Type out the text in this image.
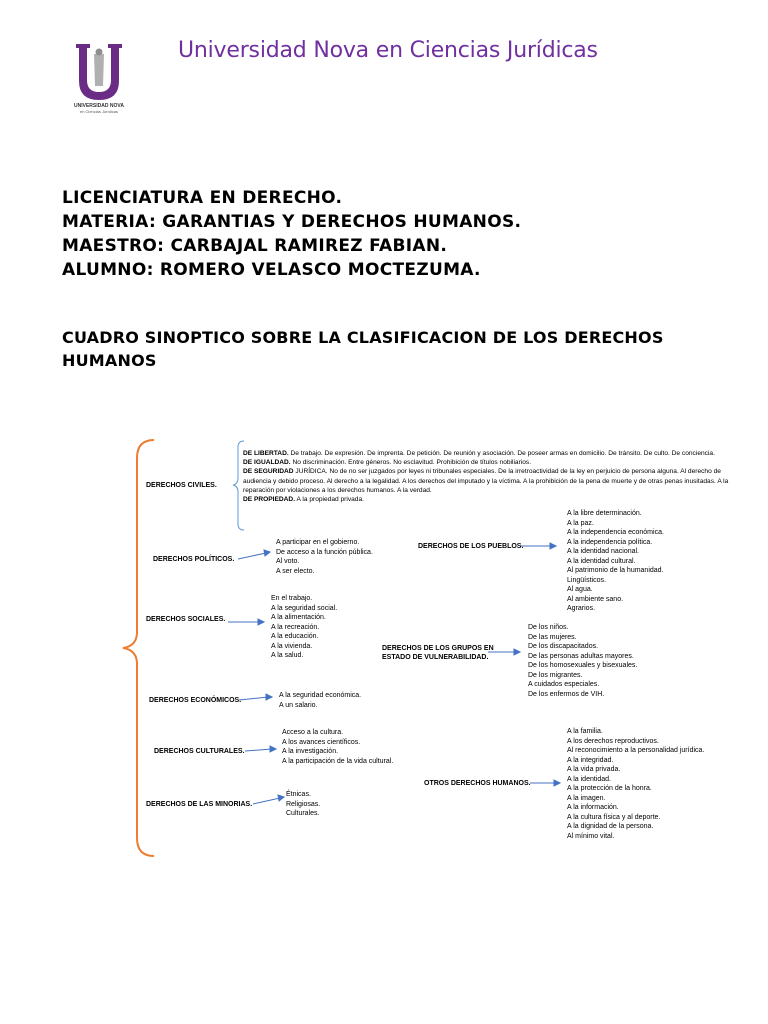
UNIVERSIDAD NOVA
en Ciencias Jurídicas
Universidad Nova en Ciencias Jurídicas
LICENCIATURA EN DERECHO.
MATERIA: GARANTIAS Y DERECHOS HUMANOS.
MAESTRO: CARBAJAL RAMIREZ FABIAN.
ALUMNO: ROMERO VELASCO MOCTEZUMA.
CUADRO SINOPTICO SOBRE LA CLASIFICACION DE LOS DERECHOS HUMANOS
DERECHOS CIVILES.
DE LIBERTAD. De trabajo. De expresión. De imprenta. De petición. De reunión y asociación. De poseer armas en domicilio. De tránsito. De culto. De conciencia.
DE IGUALDAD. No discriminación. Entre géneros. No esclavitud. Prohibición de títulos nobiliarios.
DE SEGURIDAD JURÍDICA. No de no ser juzgados por leyes ni tribunales especiales. De la irretroactividad de la ley en perjuicio de persona alguna. Al derecho de audiencia y debido proceso. Al derecho a la legalidad. A los derechos del imputado y la víctima. A la prohibición de la pena de muerte y de otras penas inusitadas. A la reparación por violaciones a los derechos humanos. A la verdad.
DE PROPIEDAD. A la propiedad privada.
DERECHOS POLÍTICOS.
A participar en el gobierno.
De acceso a la función pública.
Al voto.
A ser electo.
DERECHOS SOCIALES.
En el trabajo.
A la seguridad social.
A la alimentación.
A la recreación.
A la educación.
A la vivienda.
A la salud.
DERECHOS ECONÓMICOS.
A la seguridad económica.
A un salario.
DERECHOS CULTURALES.
Acceso a la cultura.
A los avances científicos.
A la investigación.
A la participación de la vida cultural.
DERECHOS DE LAS MINORIAS.
Étnicas.
Religiosas.
Culturales.
DERECHOS DE LOS PUEBLOS.
A la libre determinación.
A la paz.
A la independencia económica.
A la independencia política.
A la identidad nacional.
A la identidad cultural.
Al patrimonio de la humanidad.
Lingüísticos.
Al agua.
Al ambiente sano.
Agrarios.
DERECHOS DE LOS GRUPOS EN
ESTADO DE VULNERABILIDAD.
De los niños.
De las mujeres.
De los discapacitados.
De las personas adultas mayores.
De los homosexuales y bisexuales.
De los migrantes.
A cuidados especiales.
De los enfermos de VIH.
OTROS DERECHOS HUMANOS.
A la familia.
A los derechos reproductivos.
Al reconocimiento a la personalidad jurídica.
A la integridad.
A la vida privada.
A la identidad.
A la protección de la honra.
A la imagen.
A la información.
A la cultura física y al deporte.
A la dignidad de la persona.
Al mínimo vital.
